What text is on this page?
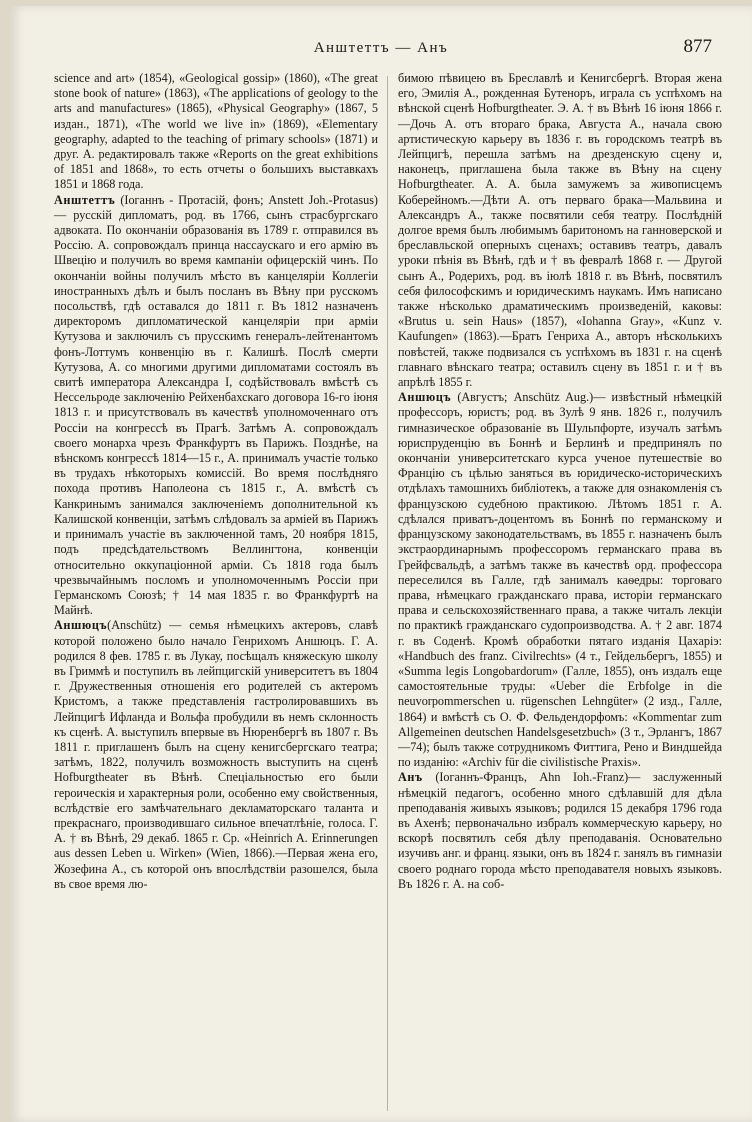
Анштеттъ — Анъ	877

science and art» (1854), «Geological gossip» (1860), «The great stone book of nature» (1863), «The applications of geology to the arts and manufactures» (1865), «Physical Geography» (1867, 5 издан., 1871), «The world we live in» (1869), «Elementary geography, adapted to the teaching of primary schools» (1871) и друг. А. редактировалъ также «Reports on the great exhibitions of 1851 and 1868», то есть отчеты о большихъ выставкахъ 1851 и 1868 года.

Анштеттъ (Іоганнъ - Протасій, фонъ; Anstett Joh.-Protasus) — русскій дипломатъ, род. въ 1766, сынъ страсбургскаго адвоката. По окончаніи образованія въ 1789 г. отправился въ Россію. А. сопровождалъ принца нассаускаго и его армію въ Швецію и получилъ во время кампаніи офицерскій чинъ. По окончаніи войны получилъ мѣсто въ канцеляріи Коллегіи иностранныхъ дѣлъ и былъ посланъ въ Вѣну при русскомъ посольствѣ, гдѣ оставался до 1811 г. Въ 1812 назначенъ директоромъ дипломатической канцеляріи при арміи Кутузова и заключилъ съ прусскимъ генералъ-лейтенантомъ фонъ-Лоттумъ конвенцію въ г. Калишѣ. Послѣ смерти Кутузова, А. со многими другими дипломатами состоялъ въ свитѣ императора Александра I, содѣйствовалъ вмѣстѣ съ Нессельроде заключенію Рейхенбахскаго договора 16-го іюня 1813 г. и присутствовалъ въ качествѣ уполномоченнаго отъ Россіи на конгрессѣ въ Прагѣ. Затѣмъ А. сопровождалъ своего монарха чрезъ Франкфуртъ въ Парижъ. Позднѣе, на вѣнскомъ конгрессѣ 1814—15 г., А. принималъ участіе только въ трудахъ нѣкоторыхъ комиссій. Во время послѣдняго похода противъ Наполеона съ 1815 г., А. вмѣстѣ съ Канкринымъ занимался заключеніемъ дополнительной къ Калишской конвенціи, затѣмъ слѣдовалъ за арміей въ Парижъ и принималъ участіе въ заключенной тамъ, 20 ноября 1815, подъ предсѣдательствомъ Веллингтона, конвенціи относительно оккупаціонной арміи. Съ 1818 года былъ чрезвычайнымъ посломъ и уполномоченнымъ Россіи при Германскомъ Союзѣ; † 14 мая 1835 г. во Франкфуртѣ на Майнѣ.

Аншюцъ(Anschütz) — семья нѣмецкихъ актеровъ, славѣ которой положено было начало Генрихомъ Аншюцъ. Г. А. родился 8 фев. 1785 г. въ Лукау, посѣщалъ княжескую школу въ Гриммѣ и поступилъ въ лейпцигскій университетъ въ 1804 г. Дружественныя отношенія его родителей съ актеромъ Кристомъ, а также представленія гастролировавшихъ въ Лейпцигѣ Ифланда и Вольфа пробудили въ немъ склонность къ сценѣ. А. выступилъ впервые въ Нюренбергѣ въ 1807 г. Въ 1811 г. приглашенъ былъ на сцену кенигсбергскаго театра; затѣмъ, 1822, получилъ возможность выступить на сценѣ Hofburgtheater въ Вѣнѣ. Спеціальностью его были героическія и характерныя роли, особенно ему свойственныя, вслѣдствіе его замѣчательнаго декламаторскаго таланта и прекраснаго, производившаго сильное впечатлѣніе, голоса. Г. А. † въ Вѣнѣ, 29 декаб. 1865 г. Ср. «Heinrich A. Erinnerungen aus dessen Leben u. Wirken» (Wien, 1866).—Первая жена его, Жозефина А., съ которой онъ впослѣдствіи разошелся, была въ свое время лю-

бимою пѣвицею въ Бреславлѣ и Кенигсбергѣ. Вторая жена его, Эмилія А., рожденная Бутеноръ, играла съ успѣхомъ на вѣнской сценѣ Hofburgtheater. Э. А. † въ Вѣнѣ 16 іюня 1866 г.—Дочь А. отъ втораго брака, Августа А., начала свою артистическую карьеру въ 1836 г. въ городскомъ театрѣ въ Лейпцигѣ, перешла затѣмъ на дрезденскую сцену и, наконецъ, приглашена была также въ Вѣну на сцену Hofburgtheater. А. А. была замужемъ за живописцемъ Коберейномъ.—Дѣти А. отъ перваго брака—Мальвина и Александръ А., также посвятили себя театру. Послѣдній долгое время былъ любимымъ баритономъ на ганноверской и бреславльской оперныхъ сценахъ; оставивъ театръ, давалъ уроки пѣнія въ Вѣнѣ, гдѣ и † въ февралѣ 1868 г. — Другой сынъ А., Родерихъ, род. въ іюлѣ 1818 г. въ Вѣнѣ, посвятилъ себя философскимъ и юридическимъ наукамъ. Имъ написано также нѣсколько драматическимъ произведеній, каковы: «Brutus u. sein Haus» (1857), «Iohanna Gray», «Kunz v. Kaufungen» (1863).—Братъ Генриха А., авторъ нѣсколькихъ повѣстей, также подвизался съ успѣхомъ въ 1831 г. на сценѣ главнаго вѣнскаго театра; оставилъ сцену въ 1851 г. и † въ апрѣлѣ 1855 г.

Аншюцъ (Августъ; Anschütz Aug.)— извѣстный нѣмецкій профессоръ, юристъ; род. въ Зулѣ 9 янв. 1826 г., получилъ гимназическое образованіе въ Шульпфорте, изучалъ затѣмъ юриспруденцію въ Боннѣ и Берлинѣ и предпринялъ по окончаніи университетскаго курса ученое путешествіе во Францію съ цѣлью заняться въ юридическо-историческихъ отдѣлахъ тамошнихъ библіотекъ, а также для ознакомленія съ французскою судебною практикою. Лѣтомъ 1851 г. А. сдѣлался приватъ-доцентомъ въ Боннѣ по германскому и французскому законодательствамъ, въ 1855 г. назначенъ былъ экстраординарнымъ профессоромъ германскаго права въ Грейфсвальдѣ, а затѣмъ также въ качествѣ орд. профессора переселился въ Галле, гдѣ занималъ каѳедры: торговаго права, нѣмецкаго гражданскаго права, исторіи германскаго права и сельскохозяйственнаго права, а также читалъ лекціи по практикѣ гражданскаго судопроизводства. А. † 2 авг. 1874 г. въ Соденѣ. Кромѣ обработки пятаго изданія Цахаріэ: «Handbuch des franz. Civilrechts» (4 т., Гейдельбергъ, 1855) и «Summa legis Longobardorum» (Галле, 1855), онъ издалъ еще самостоятельные труды: «Ueber die Erbfolge in die neuvorpommerschen u. rügenschen Lehngüter» (2 изд., Галле, 1864) и вмѣстѣ съ О. Ф. Фельдендорфомъ: «Kommentar zum Allgemeinen deutschen Handelsgesetzbuch» (3 т., Эрлангъ, 1867—74); былъ также сотрудникомъ Фиттига, Рено и Виндшейда по изданію: «Archiv für die civilistische Praxis».

Анъ (Іоганнъ-Францъ, Ahn Ioh.-Franz)— заслуженный нѣмецкій педагогъ, особенно много сдѣлавшій для дѣла преподаванія живыхъ языковъ; родился 15 декабря 1796 года въ Ахенѣ; первоначально избралъ коммерческую карьеру, но вскорѣ посвятилъ себя дѣлу преподаванія. Основательно изучивъ анг. и франц. языки, онъ въ 1824 г. занялъ въ гимназіи своего роднаго города мѣсто преподавателя новыхъ языковъ. Въ 1826 г. А. на соб-
